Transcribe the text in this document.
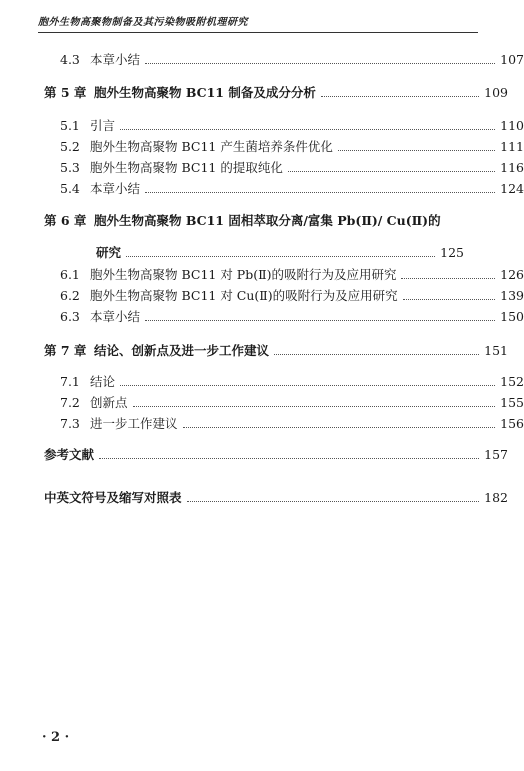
胞外生物高聚物制备及其污染物吸附机理研究
4.3 本章小结	107
第 5 章 胞外生物高聚物 BC11 制备及成分分析	109
5.1 引言	110
5.2 胞外生物高聚物 BC11 产生菌培养条件优化	111
5.3 胞外生物高聚物 BC11 的提取纯化	116
5.4 本章小结	124
第 6 章 胞外生物高聚物 BC11 固相萃取分离/富集 Pb(Ⅱ)/ Cu(Ⅱ)的
研究	125
6.1 胞外生物高聚物 BC11 对 Pb(Ⅱ)的吸附行为及应用研究	126
6.2 胞外生物高聚物 BC11 对 Cu(Ⅱ)的吸附行为及应用研究	139
6.3 本章小结	150
第 7 章 结论、创新点及进一步工作建议	151
7.1 结论	152
7.2 创新点	155
7.3 进一步工作建议	156
参考文献	157
中英文符号及缩写对照表	182
· 2 ·
